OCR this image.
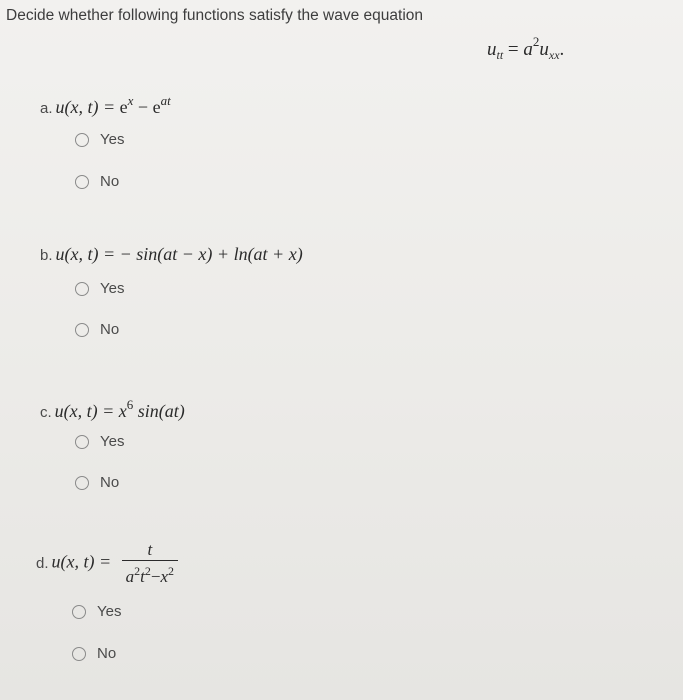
Decide whether following functions satisfy the wave equation
$u_{tt} = a^2u_{xx}$.
a. u(x, $t) = e^x - e^{at}$
Yes
No
b. u(x, t) = − sin(at − x) + ln(at + x)
Yes
No
c. u(x, $t) = x^6$ sin(at)
Yes
No
d. u(x, $t) = \frac{t}{a^2t^2-x^2}$
Yes
No
